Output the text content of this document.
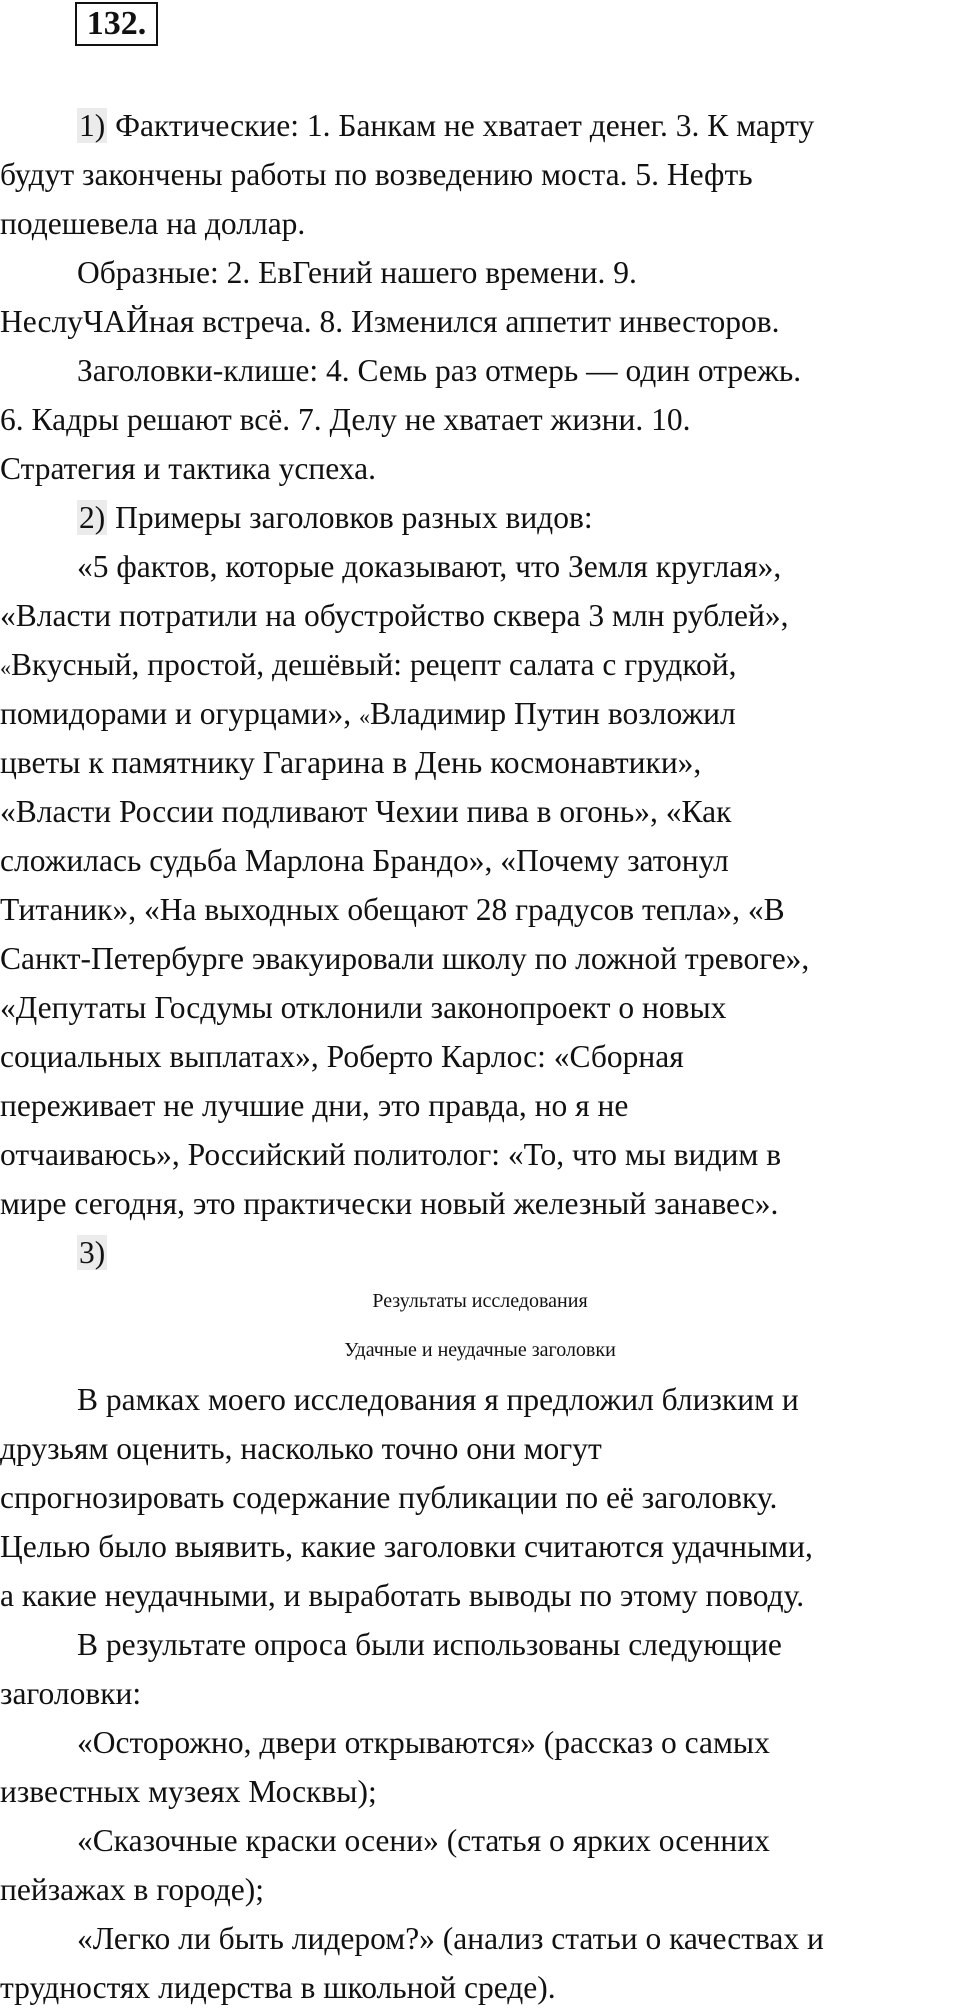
132.
1) Фактические: 1. Банкам не хватает денег. 3. К марту
будут закончены работы по возведению моста. 5. Нефть
подешевела на доллар.
Образные: 2. ЕвГений нашего времени. 9.
НеслуЧАЙная встреча. 8. Изменился аппетит инвесторов.
Заголовки-клише: 4. Семь раз отмерь — один отрежь.
6. Кадры решают всё. 7. Делу не хватает жизни. 10.
Стратегия и тактика успеха.
2) Примеры заголовков разных видов:
«5 фактов, которые доказывают, что Земля круглая»,
«Власти потратили на обустройство сквера 3 млн рублей»,
«Вкусный, простой, дешёвый: рецепт салата с грудкой,
помидорами и огурцами», «Владимир Путин возложил
цветы к памятнику Гагарина в День космонавтики»,
«Власти России подливают Чехии пива в огонь», «Как
сложилась судьба Марлона Брандо», «Почему затонул
Титаник», «На выходных обещают 28 градусов тепла», «В
Санкт-Петербурге эвакуировали школу по ложной тревоге»,
«Депутаты Госдумы отклонили законопроект о новых
социальных выплатах», Роберто Карлос: «Сборная
переживает не лучшие дни, это правда, но я не
отчаиваюсь», Российский политолог: «То, что мы видим в
мире сегодня, это практически новый железный занавес».
3)
Результаты исследования
Удачные и неудачные заголовки
В рамках моего исследования я предложил близким и
друзьям оценить, насколько точно они могут
спрогнозировать содержание публикации по её заголовку.
Целью было выявить, какие заголовки считаются удачными,
а какие неудачными, и выработать выводы по этому поводу.
В результате опроса были использованы следующие
заголовки:
«Осторожно, двери открываются» (рассказ о самых
известных музеях Москвы);
«Сказочные краски осени» (статья о ярких осенних
пейзажах в городе);
«Легко ли быть лидером?» (анализ статьи о качествах и
трудностях лидерства в школьной среде).
